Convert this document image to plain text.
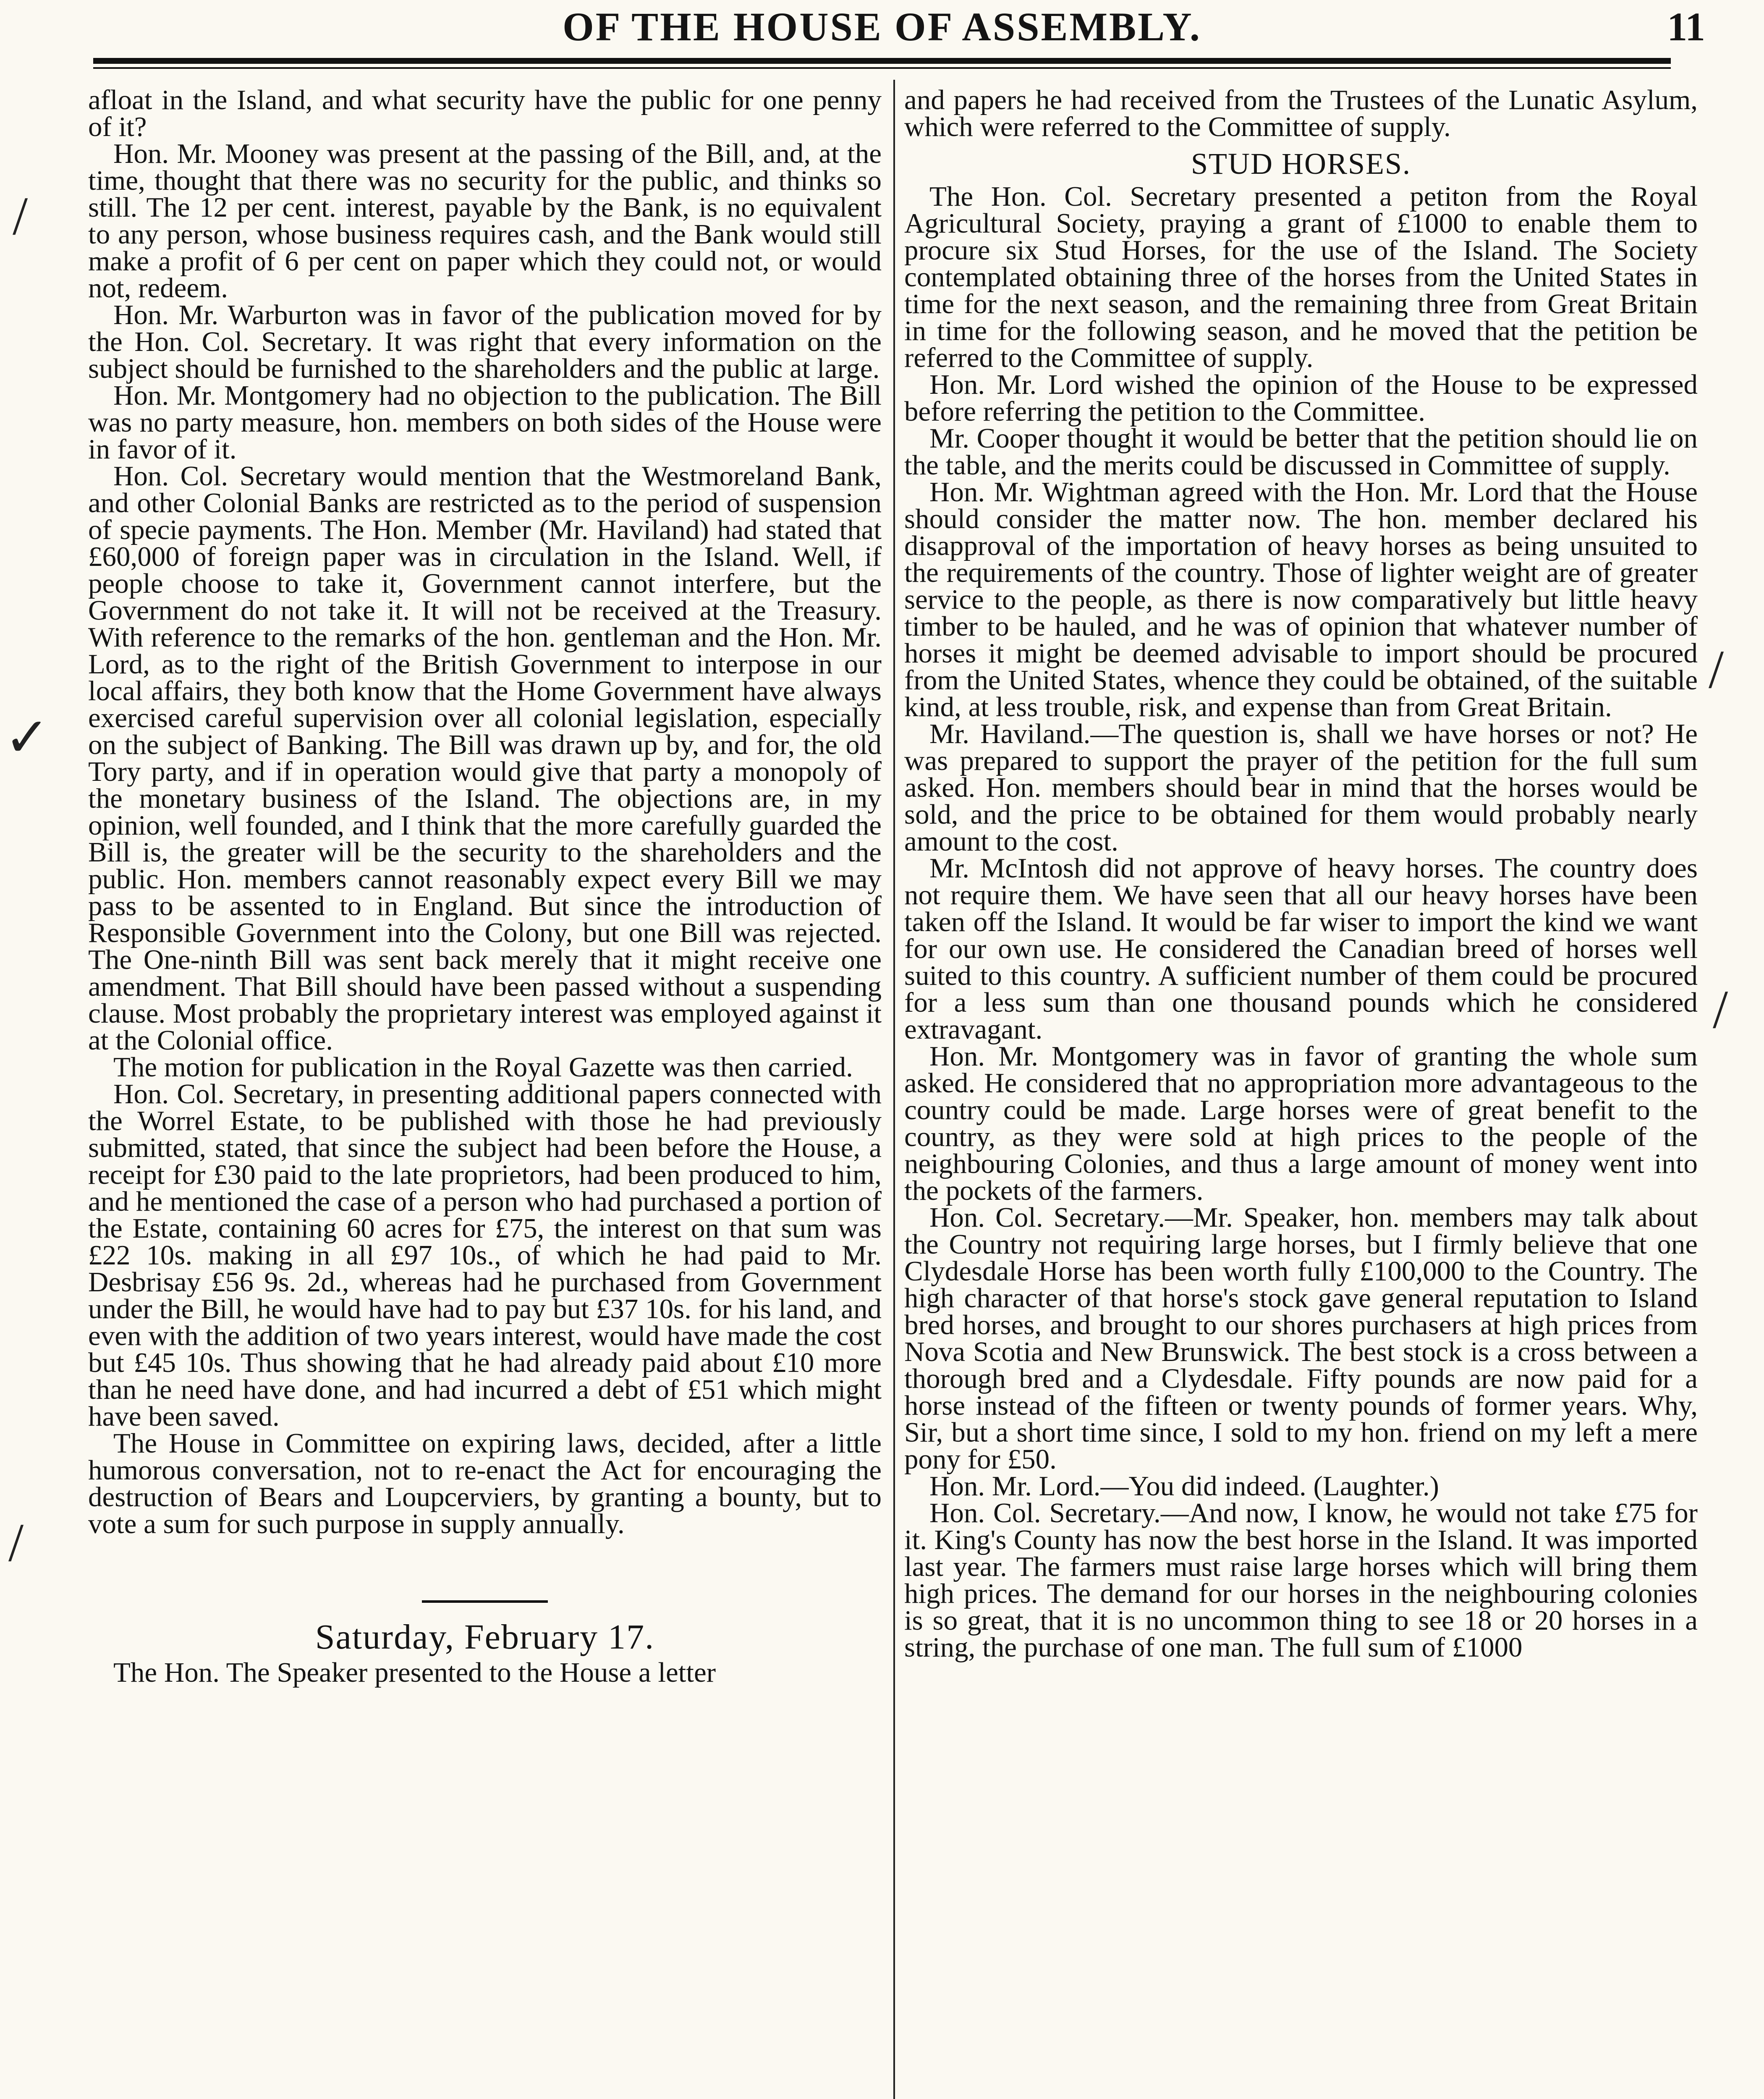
OF THE HOUSE OF ASSEMBLY.	11

afloat in the Island, and what security have the public for one penny of it?

Hon. Mr. Mooney was present at the passing of the Bill, and, at the time, thought that there was no security for the public, and thinks so still. The 12 per cent. interest, payable by the Bank, is no equivalent to any person, whose business requires cash, and the Bank would still make a profit of 6 per cent on paper which they could not, or would not, redeem.

Hon. Mr. Warburton was in favor of the publication moved for by the Hon. Col. Secretary. It was right that every information on the subject should be furnished to the shareholders and the public at large.

Hon. Mr. Montgomery had no objection to the publication. The Bill was no party measure, hon. members on both sides of the House were in favor of it.

Hon. Col. Secretary would mention that the Westmoreland Bank, and other Colonial Banks are restricted as to the period of suspension of specie payments. The Hon. Member (Mr. Haviland) had stated that £60,000 of foreign paper was in circulation in the Island. Well, if people choose to take it, Government cannot interfere, but the Government do not take it. It will not be received at the Treasury. With reference to the remarks of the hon. gentleman and the Hon. Mr. Lord, as to the right of the British Government to interpose in our local affairs, they both know that the Home Government have always exercised careful supervision over all colonial legislation, especially on the subject of Banking. The Bill was drawn up by, and for, the old Tory party, and if in operation would give that party a monopoly of the monetary business of the Island. The objections are, in my opinion, well founded, and I think that the more carefully guarded the Bill is, the greater will be the security to the shareholders and the public. Hon. members cannot reasonably expect every Bill we may pass to be assented to in England. But since the introduction of Responsible Government into the Colony, but one Bill was rejected. The One-ninth Bill was sent back merely that it might receive one amendment. That Bill should have been passed without a suspending clause. Most probably the proprietary interest was employed against it at the Colonial office.

The motion for publication in the Royal Gazette was then carried.

Hon. Col. Secretary, in presenting additional papers connected with the Worrel Estate, to be published with those he had previously submitted, stated, that since the subject had been before the House, a receipt for £30 paid to the late proprietors, had been produced to him, and he mentioned the case of a person who had purchased a portion of the Estate, containing 60 acres for £75, the interest on that sum was £22 10s. making in all £97 10s., of which he had paid to Mr. Desbrisay £56 9s. 2d., whereas had he purchased from Government under the Bill, he would have had to pay but £37 10s. for his land, and even with the addition of two years interest, would have made the cost but £45 10s. Thus showing that he had already paid about £10 more than he need have done, and had incurred a debt of £51 which might have been saved.

The House in Committee on expiring laws, decided, after a little humorous conversation, not to re-enact the Act for encouraging the destruction of Bears and Loupcerviers, by granting a bounty, but to vote a sum for such purpose in supply annually.

Saturday, February 17.

The Hon. The Speaker presented to the House a letter

and papers he had received from the Trustees of the Lunatic Asylum, which were referred to the Committee of supply.

STUD HORSES.

The Hon. Col. Secretary presented a petiton from the Royal Agricultural Society, praying a grant of £1000 to enable them to procure six Stud Horses, for the use of the Island. The Society contemplated obtaining three of the horses from the United States in time for the next season, and the remaining three from Great Britain in time for the following season, and he moved that the petition be referred to the Committee of supply.

Hon. Mr. Lord wished the opinion of the House to be expressed before referring the petition to the Committee.

Mr. Cooper thought it would be better that the petition should lie on the table, and the merits could be discussed in Committee of supply.

Hon. Mr. Wightman agreed with the Hon. Mr. Lord that the House should consider the matter now. The hon. member declared his disapproval of the importation of heavy horses as being unsuited to the requirements of the country. Those of lighter weight are of greater service to the people, as there is now comparatively but little heavy timber to be hauled, and he was of opinion that whatever number of horses it might be deemed advisable to import should be procured from the United States, whence they could be obtained, of the suitable kind, at less trouble, risk, and expense than from Great Britain.

Mr. Haviland.—The question is, shall we have horses or not? He was prepared to support the prayer of the petition for the full sum asked. Hon. members should bear in mind that the horses would be sold, and the price to be obtained for them would probably nearly amount to the cost.

Mr. McIntosh did not approve of heavy horses. The country does not require them. We have seen that all our heavy horses have been taken off the Island. It would be far wiser to import the kind we want for our own use. He considered the Canadian breed of horses well suited to this country. A sufficient number of them could be procured for a less sum than one thousand pounds which he considered extravagant.

Hon. Mr. Montgomery was in favor of granting the whole sum asked. He considered that no appropriation more advantageous to the country could be made. Large horses were of great benefit to the country, as they were sold at high prices to the people of the neighbouring Colonies, and thus a large amount of money went into the pockets of the farmers.

Hon. Col. Secretary.—Mr. Speaker, hon. members may talk about the Country not requiring large horses, but I firmly believe that one Clydesdale Horse has been worth fully £100,000 to the Country. The high character of that horse's stock gave general reputation to Island bred horses, and brought to our shores purchasers at high prices from Nova Scotia and New Brunswick. The best stock is a cross between a thorough bred and a Clydesdale. Fifty pounds are now paid for a horse instead of the fifteen or twenty pounds of former years. Why, Sir, but a short time since, I sold to my hon. friend on my left a mere pony for £50.

Hon. Mr. Lord.—You did indeed. (Laughter.)

Hon. Col. Secretary.—And now, I know, he would not take £75 for it. King's County has now the best horse in the Island. It was imported last year. The farmers must raise large horses which will bring them high prices. The demand for our horses in the neighbouring colonies is so great, that it is no uncommon thing to see 18 or 20 horses in a string, the purchase of one man. The full sum of £1000

/
✓
/
/
/
